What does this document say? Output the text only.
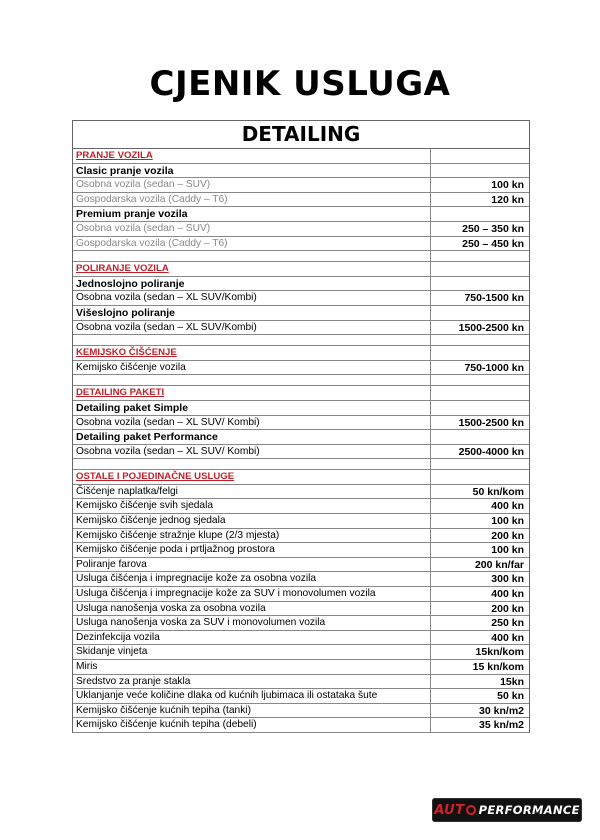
CJENIK USLUGA
DETAILING
PRANJE VOZILA
Clasic pranje vozila
Osobna vozila (sedan – SUV)	100 kn
Gospodarska vozila (Caddy – T6)	120 kn
Premium pranje vozila
Osobna vozila (sedan – SUV)	250 – 350 kn
Gospodarska vozila (Caddy – T6)	250 – 450 kn
POLIRANJE VOZILA
Jednoslojno poliranje
Osobna vozila (sedan – XL SUV/Kombi)	750-1500 kn
Višeslojno poliranje
Osobna vozila (sedan – XL SUV/Kombi)	1500-2500 kn
KEMIJSKO ČIŠĆENJE
Kemijsko čišćenje vozila	750-1000 kn
DETAILING PAKETI
Detailing paket Simple
Osobna vozila (sedan – XL SUV/ Kombi)	1500-2500 kn
Detailing paket Performance
Osobna vozila (sedan – XL SUV/ Kombi)	2500-4000 kn
OSTALE I POJEDINAČNE USLUGE
Čišćenje naplatka/felgi	50 kn/kom
Kemijsko čišćenje svih sjedala	400 kn
Kemijsko čišćenje jednog sjedala	100 kn
Kemijsko čišćenje stražnje klupe (2/3 mjesta)	200 kn
Kemijsko čišćenje poda i prtljažnog prostora	100 kn
Poliranje farova	200 kn/far
Usluga čišćenja i impregnacije kože za osobna vozila	300 kn
Usluga čišćenja i impregnacije kože za SUV i monovolumen vozila	400 kn
Usluga nanošenja voska za osobna vozila	200 kn
Usluga nanošenja voska za SUV i monovolumen vozila	250 kn
Dezinfekcija vozila	400 kn
Skidanje vinjeta	15kn/kom
Miris	15 kn/kom
Sredstvo za pranje stakla	15kn
Uklanjanje veće količine dlaka od kućnih ljubimaca ili ostataka šute	50 kn
Kemijsko čišćenje kućnih tepiha (tanki)	30 kn/m2
Kemijsko čišćenje kućnih tepiha (debeli)	35 kn/m2
AUT PERFORMANCE
